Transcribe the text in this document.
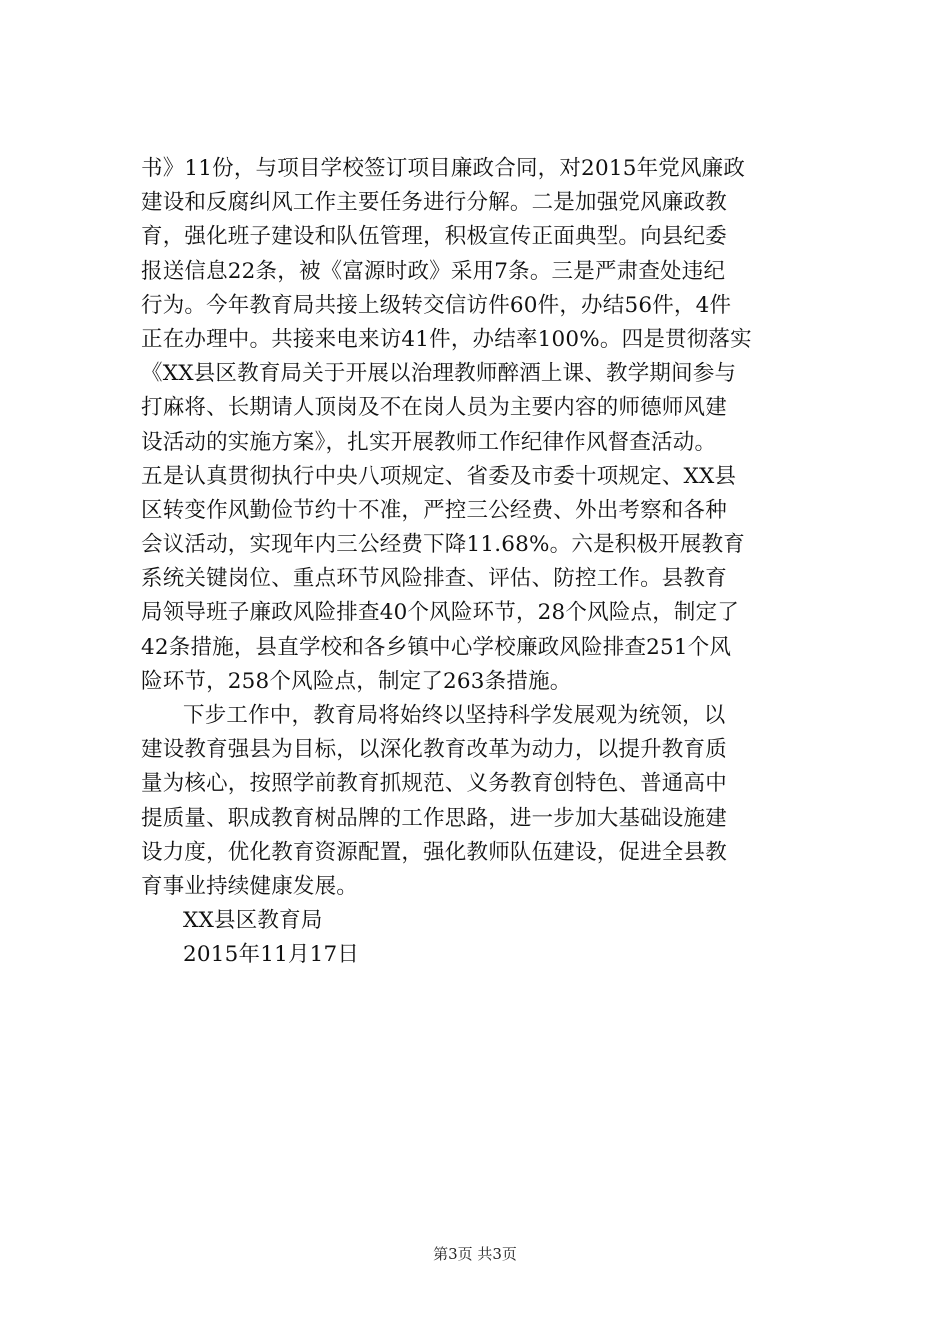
书》11份，与项目学校签订项目廉政合同，对2015年党风廉政
建设和反腐纠风工作主要任务进行分解。二是加强党风廉政教
育，强化班子建设和队伍管理，积极宣传正面典型。向县纪委
报送信息22条，被《富源时政》采用7条。三是严肃查处违纪
行为。今年教育局共接上级转交信访件60件，办结56件，4件
正在办理中。共接来电来访41件，办结率100%。四是贯彻落实
《XX县区教育局关于开展以治理教师醉酒上课、教学期间参与
打麻将、长期请人顶岗及不在岗人员为主要内容的师德师风建
设活动的实施方案》，扎实开展教师工作纪律作风督查活动。
五是认真贯彻执行中央八项规定、省委及市委十项规定、XX县
区转变作风勤俭节约十不准，严控三公经费、外出考察和各种
会议活动，实现年内三公经费下降11.68%。六是积极开展教育
系统关键岗位、重点环节风险排查、评估、防控工作。县教育
局领导班子廉政风险排查40个风险环节，28个风险点，制定了
42条措施，县直学校和各乡镇中心学校廉政风险排查251个风
险环节，258个风险点，制定了263条措施。
下步工作中，教育局将始终以坚持科学发展观为统领，以
建设教育强县为目标，以深化教育改革为动力，以提升教育质
量为核心，按照学前教育抓规范、义务教育创特色、普通高中
提质量、职成教育树品牌的工作思路，进一步加大基础设施建
设力度，优化教育资源配置，强化教师队伍建设，促进全县教
育事业持续健康发展。
XX县区教育局
2015年11月17日
第3页 共3页
